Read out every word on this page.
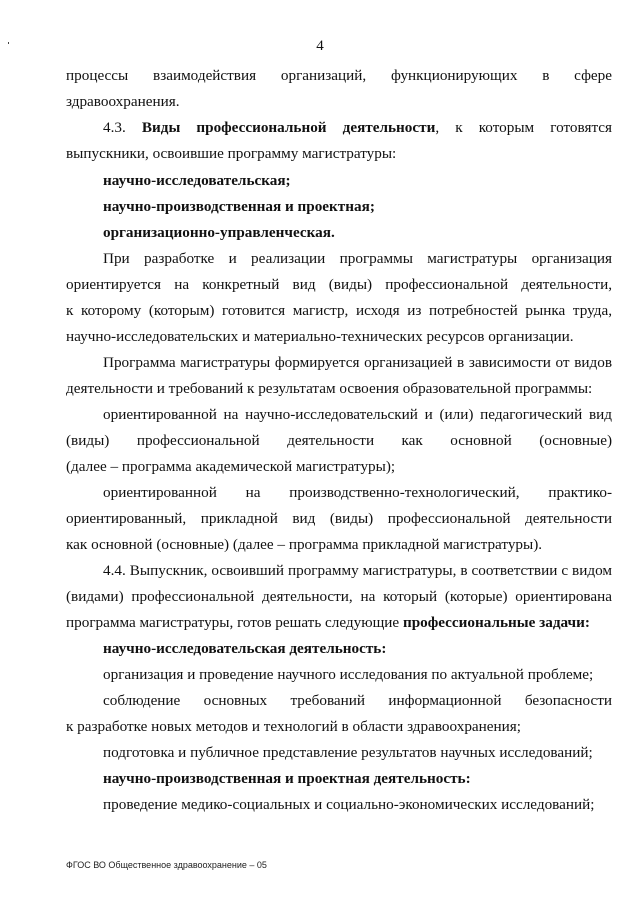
4
процессы взаимодействия организаций, функционирующих в сфере
здравоохранения.
4.3. Виды профессиональной деятельности, к которым готовятся
выпускники, освоившие программу магистратуры:
научно-исследовательская;
научно-производственная и проектная;
организационно-управленческая.
При разработке и реализации программы магистратуры организация
ориентируется на конкретный вид (виды) профессиональной деятельности,
к которому (которым) готовится магистр, исходя из потребностей рынка труда,
научно-исследовательских и материально-технических ресурсов организации.
Программа магистратуры формируется организацией в зависимости от видов
деятельности и требований к результатам освоения образовательной программы:
ориентированной на научно-исследовательский и (или) педагогический вид
(виды) профессиональной деятельности как основной (основные)
(далее – программа академической магистратуры);
ориентированной на производственно-технологический, практико-
ориентированный, прикладной вид (виды) профессиональной деятельности
как основной (основные) (далее – программа прикладной магистратуры).
4.4. Выпускник, освоивший программу магистратуры, в соответствии с видом
(видами) профессиональной деятельности, на который (которые) ориентирована
программа магистратуры, готов решать следующие профессиональные задачи:
научно-исследовательская деятельность:
организация и проведение научного исследования по актуальной проблеме;
соблюдение основных требований информационной безопасности
к разработке новых методов и технологий в области здравоохранения;
подготовка и публичное представление результатов научных исследований;
научно-производственная и проектная деятельность:
проведение медико-социальных и социально-экономических исследований;
ФГОС ВО Общественное здравоохранение – 05
